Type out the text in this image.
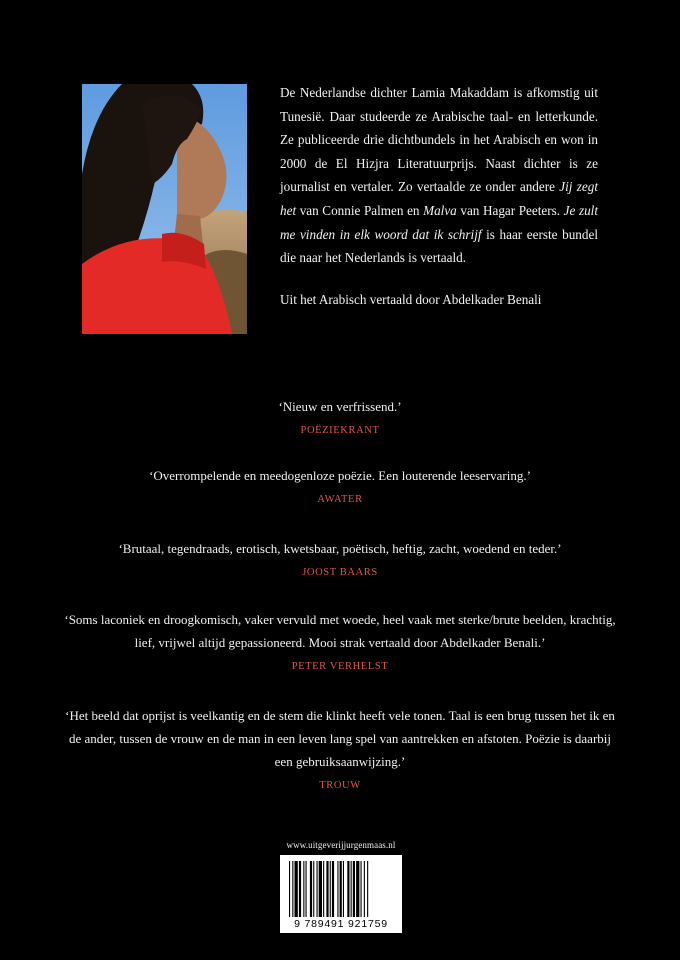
De Nederlandse dichter Lamia Makaddam is afkomstig uit Tunesië. Daar studeerde ze Arabische taal- en letterkunde. Ze publiceerde drie dichtbundels in het Arabisch en won in 2000 de El Hizjra Literatuurprijs. Naast dichter is ze journalist en vertaler. Zo vertaalde ze onder andere Jij zegt het van Connie Palmen en Malva van Hagar Peeters. Je zult me vinden in elk woord dat ik schrijf is haar eerste bundel die naar het Nederlands is vertaald.

Uit het Arabisch vertaald door Abdelkader Benali

‘Nieuw en verfrissend.’

POËZIEKRANT

‘Overrompelende en meedogenloze poëzie. Een louterende leeservaring.’

AWATER

‘Brutaal, tegendraads, erotisch, kwetsbaar, poëtisch, heftig, zacht, woedend en teder.’

JOOST BAARS

‘Soms laconiek en droogkomisch, vaker vervuld met woede, heel vaak met sterke/brute beelden, krachtig, lief, vrijwel altijd gepassioneerd. Mooi strak vertaald door Abdelkader Benali.’

PETER VERHELST

‘Het beeld dat oprijst is veelkantig en de stem die klinkt heeft vele tonen. Taal is een brug tussen het ik en de ander, tussen de vrouw en de man in een leven lang spel van aantrekken en afstoten. Poëzie is daarbij een gebruiksaanwijzing.’

TROUW
www.uitgeverijjurgenmaas.nl
9 789491 921759
